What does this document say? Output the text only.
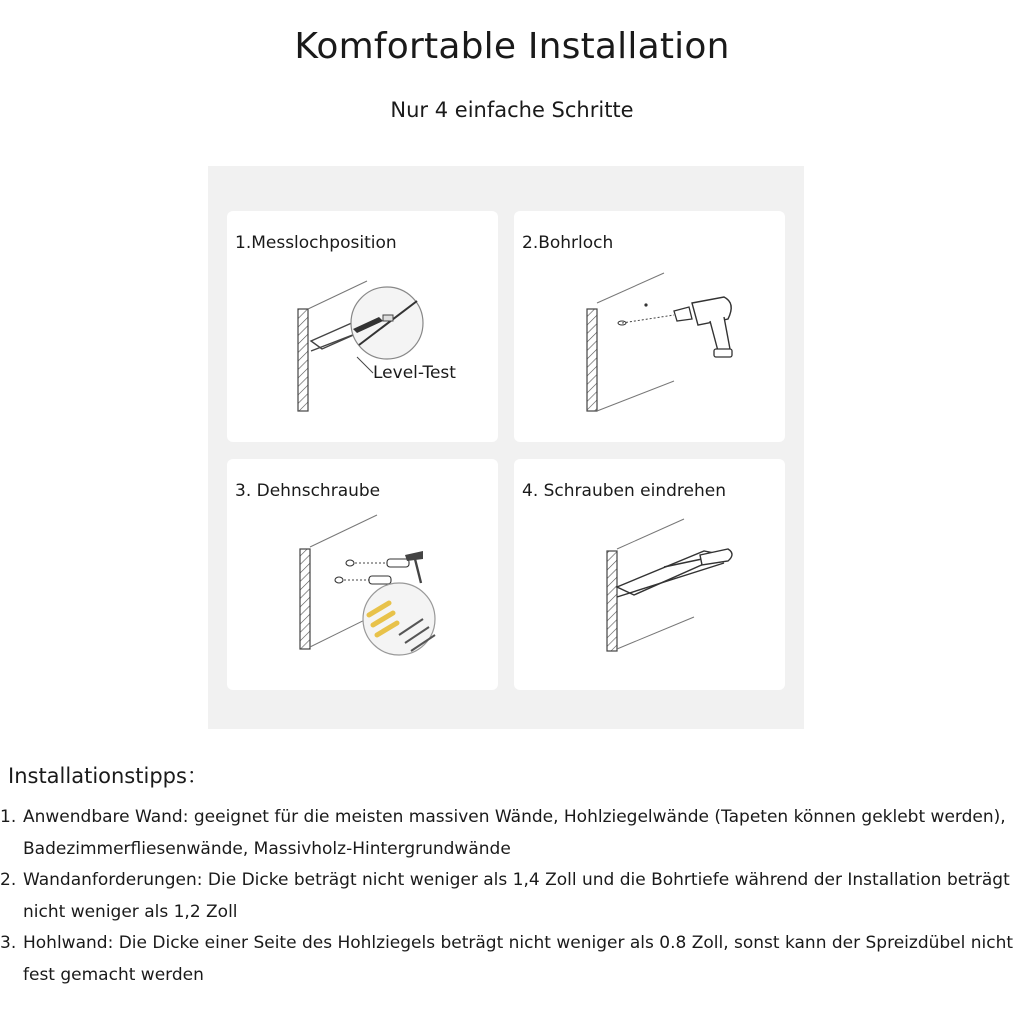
Komfortable Installation
Nur 4 einfache Schritte
1.Messlochposition
Level-Test
2.Bohrloch
3. Dehnschraube	4. Schrauben eindrehen
Installationstipps：
1. Anwendbare Wand: geeignet für die meisten massiven Wände, Hohlziegelwände (Tapeten können geklebt werden), Badezimmerfliesenwände, Massivholz-Hintergrundwände
2. Wandanforderungen: Die Dicke beträgt nicht weniger als 1,4 Zoll und die Bohrtiefe während der Installation beträgt nicht weniger als 1,2 Zoll
3. Hohlwand: Die Dicke einer Seite des Hohlziegels beträgt nicht weniger als 0.8 Zoll, sonst kann der Spreizdübel nicht fest gemacht werden
